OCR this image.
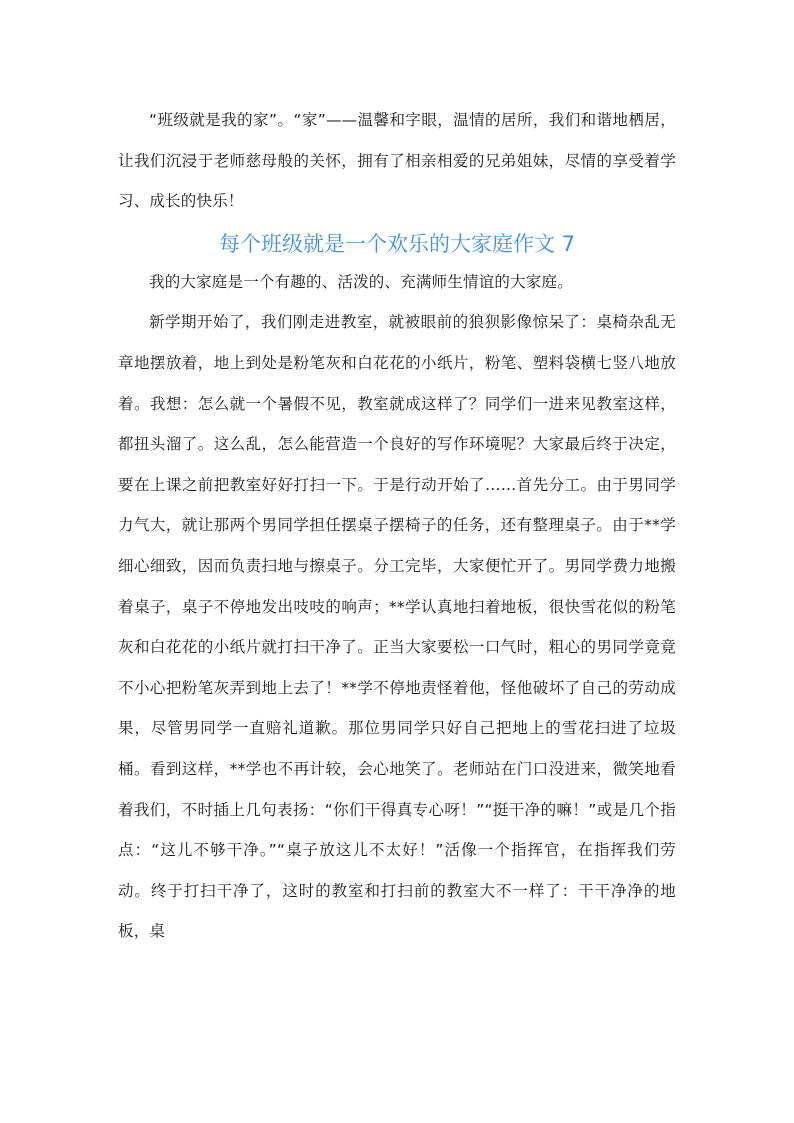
“班级就是我的家”。“家”——温馨和字眼，温情的居所，我们和谐地栖居，让我们沉浸于老师慈母般的关怀，拥有了相亲相爱的兄弟姐妹，尽情的享受着学习、成长的快乐！

每个班级就是一个欢乐的大家庭作文 7

我的大家庭是一个有趣的、活泼的、充满师生情谊的大家庭。

新学期开始了，我们刚走进教室，就被眼前的狼狈影像惊呆了：桌椅杂乱无章地摆放着，地上到处是粉笔灰和白花花的小纸片，粉笔、塑料袋横七竖八地放着。我想：怎么就一个暑假不见，教室就成这样了？同学们一进来见教室这样，都扭头溜了。这么乱，怎么能营造一个良好的写作环境呢？大家最后终于决定，要在上课之前把教室好好打扫一下。于是行动开始了……首先分工。由于男同学力气大，就让那两个男同学担任摆桌子摆椅子的任务，还有整理桌子。由于**学细心细致，因而负责扫地与擦桌子。分工完毕，大家便忙开了。男同学费力地搬着桌子，桌子不停地发出吱吱的响声；**学认真地扫着地板，很快雪花似的粉笔灰和白花花的小纸片就打扫干净了。正当大家要松一口气时，粗心的男同学竟竟不小心把粉笔灰弄到地上去了！**学不停地责怪着他，怪他破坏了自己的劳动成果，尽管男同学一直赔礼道歉。那位男同学只好自己把地上的雪花扫进了垃圾桶。看到这样，**学也不再计较，会心地笑了。老师站在门口没进来，微笑地看着我们，不时插上几句表扬：“你们干得真专心呀！”“挺干净的嘛！”或是几个指点：“这儿不够干净。”“桌子放这儿不太好！”活像一个指挥官，在指挥我们劳动。终于打扫干净了，这时的教室和打扫前的教室大不一样了：干干净净的地板，桌
